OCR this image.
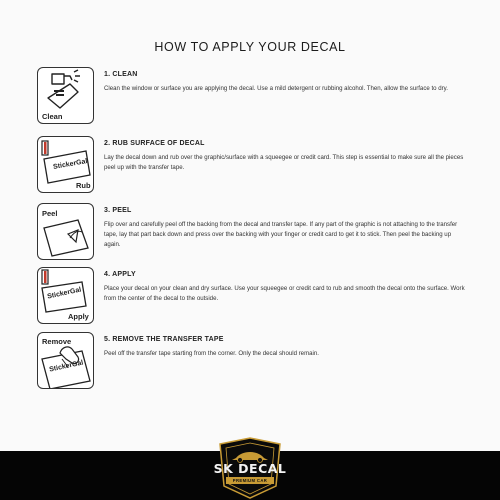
HOW TO APPLY YOUR DECAL
Clean
1. CLEAN
Clean the window or surface you are applying the decal. Use a mild detergent or rubbing alcohol. Then, allow the surface to dry.
StickerGal
Rub
2. RUB SURFACE OF DECAL
Lay the decal down and rub over the graphic/surface with a squeegee or credit card. This step is essential to make sure all the pieces peel up with the transfer tape.
Peel	3. PEEL
Flip over and carefully peel off the backing from the decal and transfer tape. If any part of the graphic is not attaching to the transfer tape, lay that part back down and press over the backing with your finger or credit card to get it to stick. Then peel the backing up again.
StickerGal
Apply
4. APPLY
Place your decal on your clean and dry surface. Use your squeegee or credit card to rub and smooth the decal onto the surface. Work from the center of the decal to the outside.
Remove
StickerGal
5. REMOVE THE TRANSFER TAPE
Peel off the transfer tape starting from the corner. Only the decal should remain.
SK DECAL
PREMIUM CAR
